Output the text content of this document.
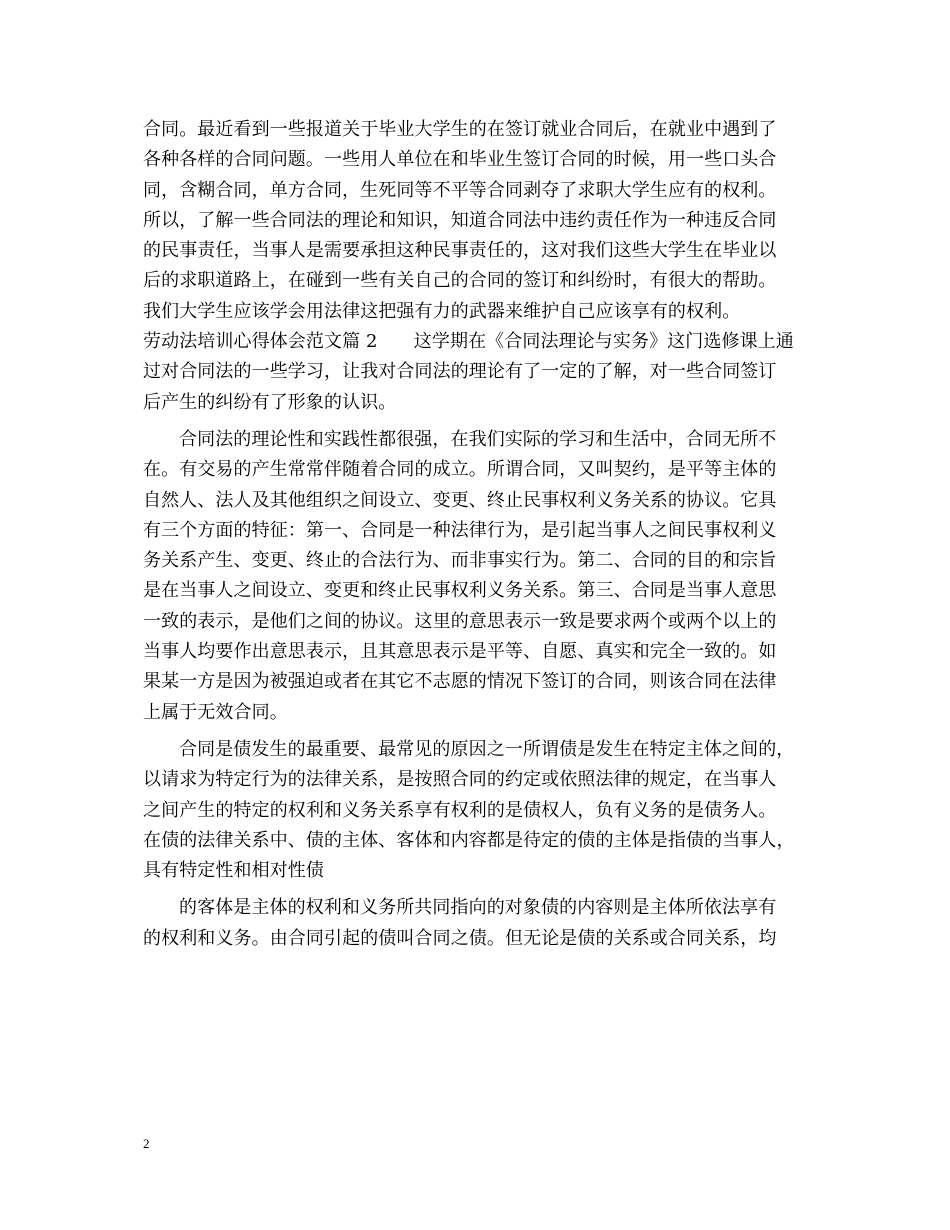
合同。最近看到一些报道关于毕业大学生的在签订就业合同后，在就业中遇到了
各种各样的合同问题。一些用人单位在和毕业生签订合同的时候，用一些口头合
同，含糊合同，单方合同，生死同等不平等合同剥夺了求职大学生应有的权利。
所以，了解一些合同法的理论和知识，知道合同法中违约责任作为一种违反合同
的民事责任，当事人是需要承担这种民事责任的，这对我们这些大学生在毕业以
后的求职道路上，在碰到一些有关自己的合同的签订和纠纷时，有很大的帮助。
我们大学生应该学会用法律这把强有力的武器来维护自己应该享有的权利。
劳动法培训心得体会范文篇 2　　这学期在《合同法理论与实务》这门选修课上通
过对合同法的一些学习，让我对合同法的理论有了一定的了解，对一些合同签订
后产生的纠纷有了形象的认识。
合同法的理论性和实践性都很强，在我们实际的学习和生活中，合同无所不
在。有交易的产生常常伴随着合同的成立。所谓合同，又叫契约，是平等主体的
自然人、法人及其他组织之间设立、变更、终止民事权利义务关系的协议。它具
有三个方面的特征：第一、合同是一种法律行为，是引起当事人之间民事权利义
务关系产生、变更、终止的合法行为、而非事实行为。第二、合同的目的和宗旨
是在当事人之间设立、变更和终止民事权利义务关系。第三、合同是当事人意思
一致的表示，是他们之间的协议。这里的意思表示一致是要求两个或两个以上的
当事人均要作出意思表示，且其意思表示是平等、自愿、真实和完全一致的。如
果某一方是因为被强迫或者在其它不志愿的情况下签订的合同，则该合同在法律
上属于无效合同。
合同是债发生的最重要、最常见的原因之一所谓债是发生在特定主体之间的，
以请求为特定行为的法律关系，是按照合同的约定或依照法律的规定，在当事人
之间产生的特定的权利和义务关系享有权利的是债权人，负有义务的是债务人。
在债的法律关系中、债的主体、客体和内容都是待定的债的主体是指债的当事人，
具有特定性和相对性债
的客体是主体的权利和义务所共同指向的对象债的内容则是主体所依法享有
的权利和义务。由合同引起的债叫合同之债。但无论是债的关系或合同关系，均
2
